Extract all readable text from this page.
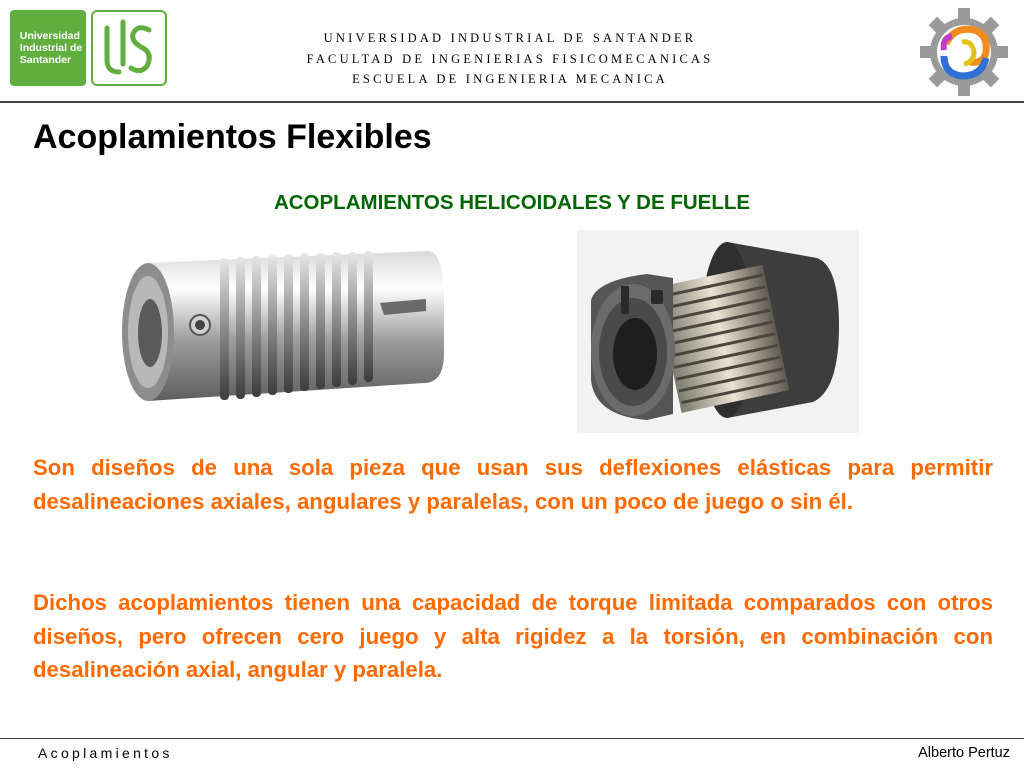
Universidad
Industrial de
Santander
UNIVERSIDAD INDUSTRIAL DE SANTANDER
FACULTAD DE INGENIERIAS FISICOMECANICAS
ESCUELA DE INGENIERIA MECANICA
Acoplamientos Flexibles
ACOPLAMIENTOS HELICOIDALES Y DE FUELLE
Son diseños de una sola pieza que usan sus deflexiones elásticas para permitir desalineaciones axiales, angulares y paralelas, con un poco de juego o sin él.
Dichos acoplamientos tienen una capacidad de torque limitada comparados con otros diseños, pero ofrecen cero juego y alta rigidez a la torsión, en combinación con desalineación axial, angular y paralela.
Acoplamientos	Alberto Pertuz
